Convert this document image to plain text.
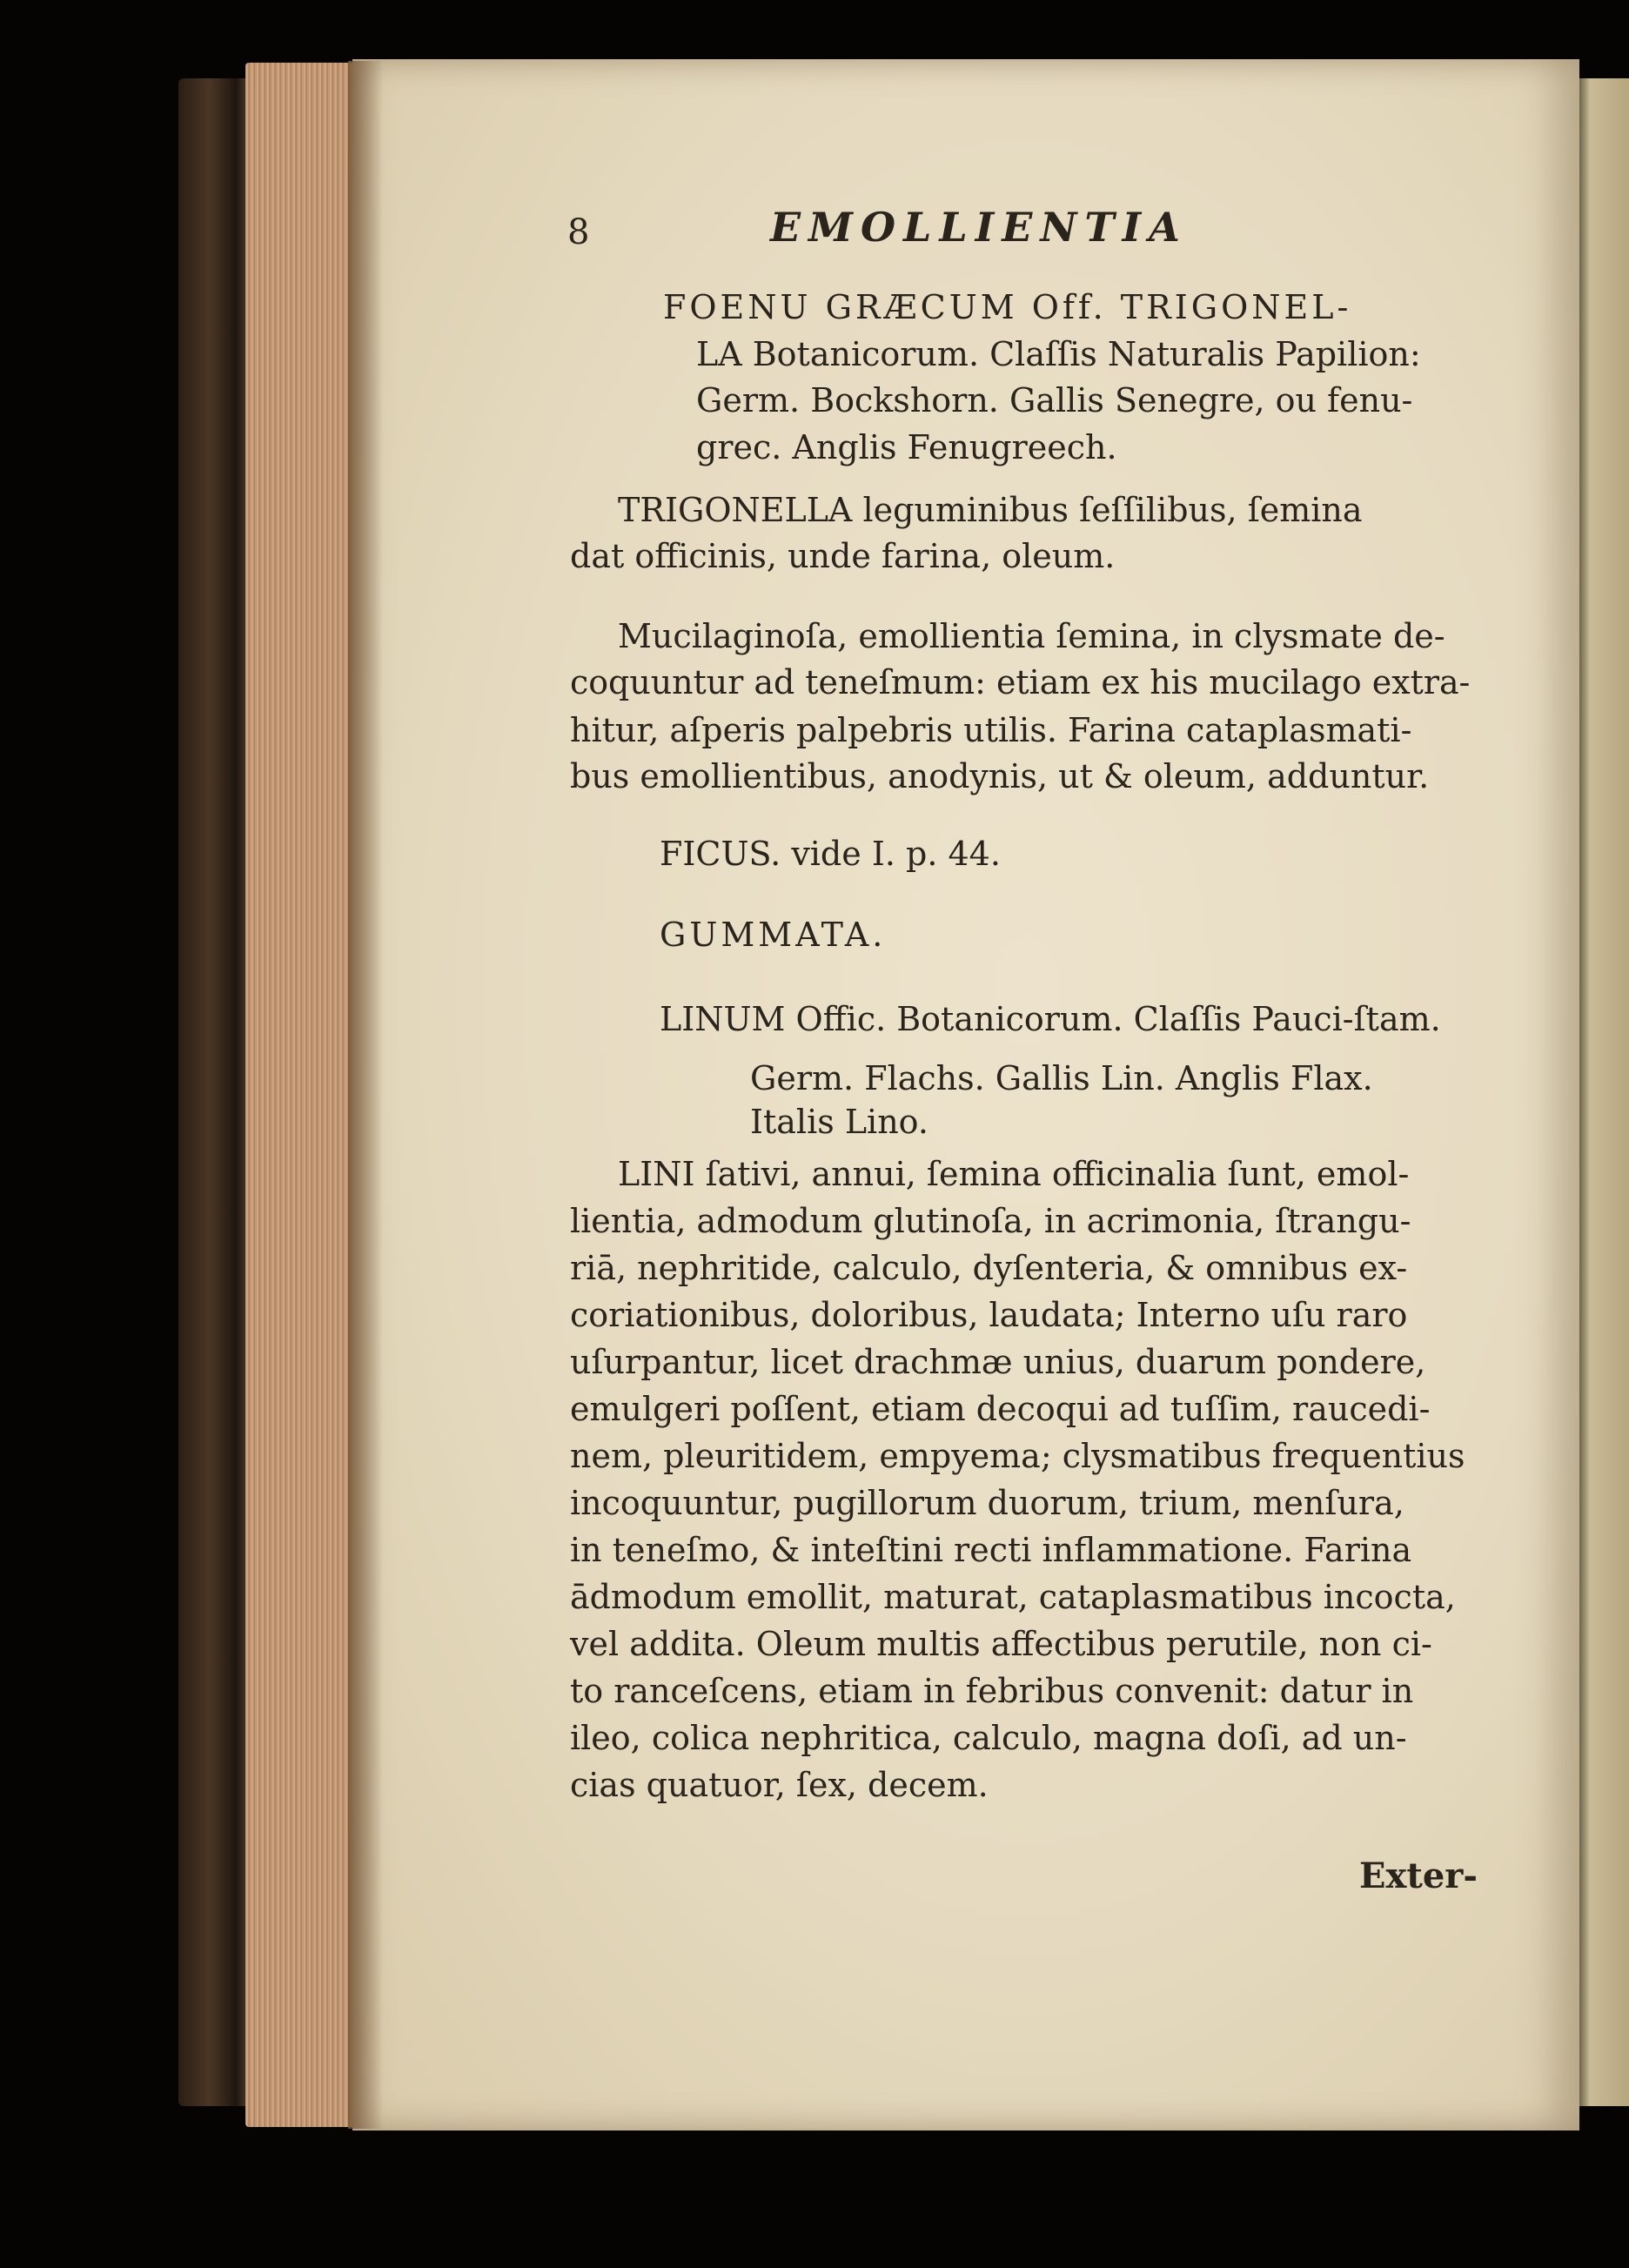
8	EMOLLIENTIA
FOENU GRÆCUM Off. TRIGONEL-
LA Botanicorum. Claſſis Naturalis Papilion:
Germ. Bockshorn. Gallis Senegre, ou fenu-
grec. Anglis Fenugreech.
TRIGONELLA leguminibus ſeſſilibus, ſemina
dat officinis, unde farina, oleum.
Mucilaginoſa, emollientia ſemina, in clysmate de-
coquuntur ad teneſmum: etiam ex his mucilago extra-
hitur, aſperis palpebris utilis. Farina cataplasmati-
bus emollientibus, anodynis, ut & oleum, adduntur.
FICUS. vide I. p. 44.
GUMMATA.
LINUM Offic. Botanicorum. Claſſis Pauci-ſtam.
Germ. Flachs. Gallis Lin. Anglis Flax.
Italis Lino.
LINI ſativi, annui, ſemina officinalia ſunt, emol-
lientia, admodum glutinoſa, in acrimonia, ſtrangu-
riā, nephritide, calculo, dyſenteria, & omnibus ex-
coriationibus, doloribus, laudata; Interno uſu raro
uſurpantur, licet drachmæ unius, duarum pondere,
emulgeri poſſent, etiam decoqui ad tuſſim, raucedi-
nem, pleuritidem, empyema; clysmatibus frequentius
incoquuntur, pugillorum duorum, trium, menſura,
in teneſmo, & inteſtini recti inflammatione. Farina
ādmodum emollit, maturat, cataplasmatibus incocta,
vel addita. Oleum multis affectibus perutile, non ci-
to ranceſcens, etiam in febribus convenit: datur in
ileo, colica nephritica, calculo, magna doſi, ad un-
cias quatuor, ſex, decem.
Exter-
